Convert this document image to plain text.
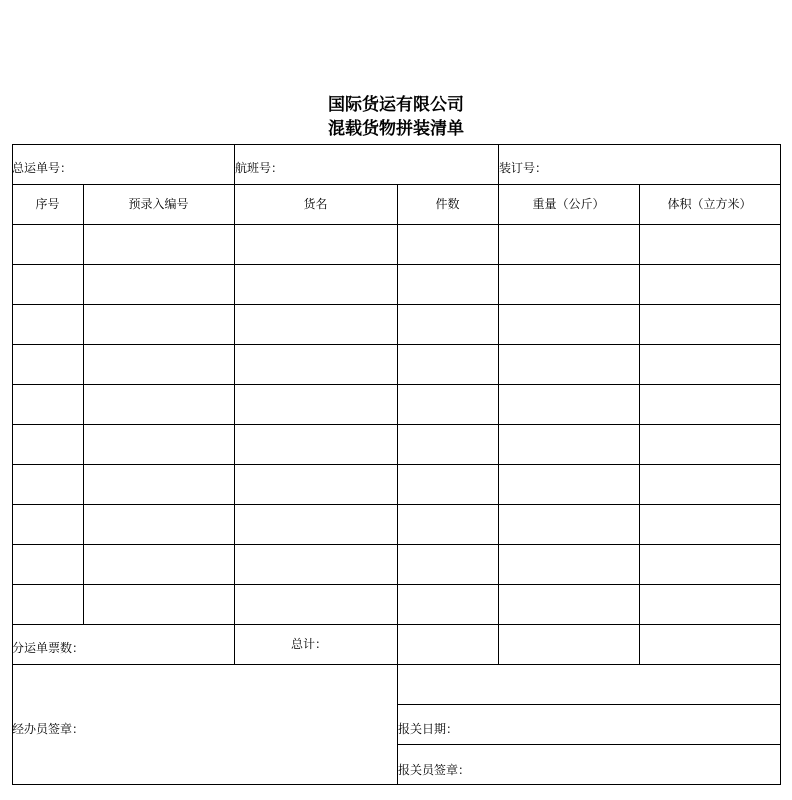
国际货运有限公司
混载货物拼装清单
总运单号：	航班号：	装订号：
序号	预录入编号	货名	件数	重量（公斤）	体积（立方米）
分运单票数：	总计：
经办员签章：	报关日期：
报关员签章：
